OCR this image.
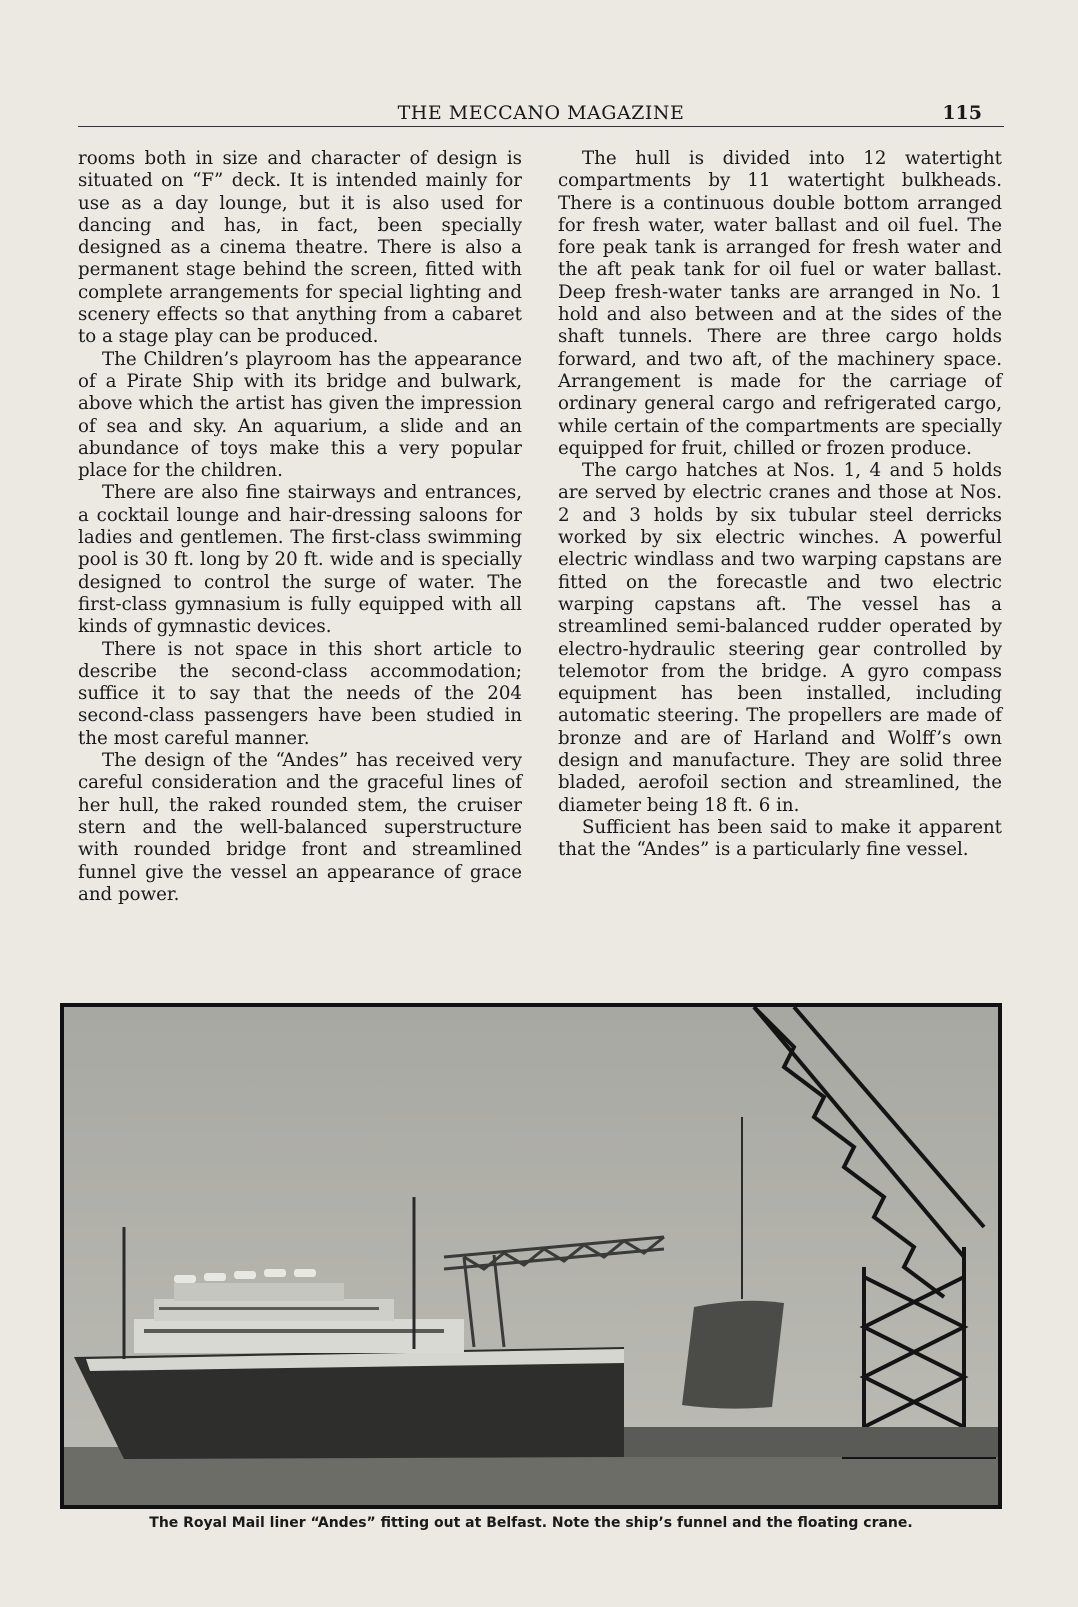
THE MECCANO MAGAZINE	115

rooms both in size and character of design is situated on “F” deck. It is intended mainly for use as a day lounge, but it is also used for dancing and has, in fact, been specially designed as a cinema theatre. There is also a permanent stage behind the screen, fitted with complete arrangements for special lighting and scenery effects so that anything from a cabaret to a stage play can be produced.

The Children’s playroom has the appearance of a Pirate Ship with its bridge and bulwark, above which the artist has given the impression of sea and sky. An aquarium, a slide and an abundance of toys make this a very popular place for the children.

There are also fine stairways and entrances, a cocktail lounge and hair-dressing saloons for ladies and gentlemen. The first-class swimming pool is 30 ft. long by 20 ft. wide and is specially designed to control the surge of water. The first-class gymnasium is fully equipped with all kinds of gymnastic devices.

There is not space in this short article to describe the second-class accommodation; suffice it to say that the needs of the 204 second-class passengers have been studied in the most careful manner.

The design of the “Andes” has received very careful consideration and the graceful lines of her hull, the raked rounded stem, the cruiser stern and the well-balanced superstructure with rounded bridge front and streamlined funnel give the vessel an appearance of grace and power.

The hull is divided into 12 watertight compartments by 11 watertight bulkheads. There is a continuous double bottom arranged for fresh water, water ballast and oil fuel. The fore peak tank is arranged for fresh water and the aft peak tank for oil fuel or water ballast. Deep fresh-water tanks are arranged in No. 1 hold and also between and at the sides of the shaft tunnels. There are three cargo holds forward, and two aft, of the machinery space. Arrangement is made for the carriage of ordinary general cargo and refrigerated cargo, while certain of the compartments are specially equipped for fruit, chilled or frozen produce.

The cargo hatches at Nos. 1, 4 and 5 holds are served by electric cranes and those at Nos. 2 and 3 holds by six tubular steel derricks worked by six electric winches. A powerful electric windlass and two warping capstans are fitted on the forecastle and two electric warping capstans aft. The vessel has a streamlined semi-balanced rudder operated by electro-hydraulic steering gear controlled by telemotor from the bridge. A gyro compass equipment has been installed, including automatic steering. The propellers are made of bronze and are of Harland and Wolff’s own design and manufacture. They are solid three bladed, aerofoil section and streamlined, the diameter being 18 ft. 6 in.

Sufficient has been said to make it apparent that the “Andes” is a particularly fine vessel.

The Royal Mail liner “Andes” fitting out at Belfast. Note the ship’s funnel and the floating crane.
